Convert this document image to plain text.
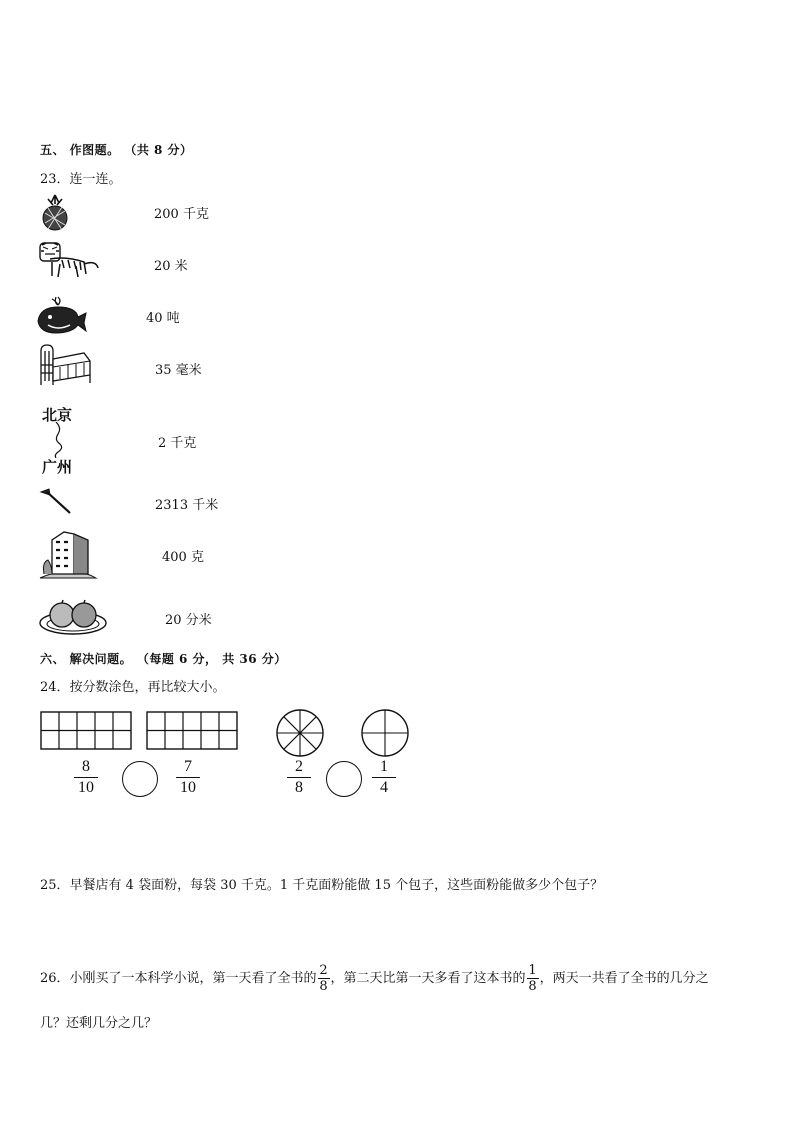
五、 作图题。 （共 8 分）
23．连一连。
北京
广州
200 千克
20 米
40 吨
35 毫米
2 千克
2313 千米
400 克
20 分米
六、 解决问题。 （每题 6 分， 共 36 分）
24．按分数涂色，再比较大小。
8
10
7
10
2
8
1
4
25．早餐店有 4 袋面粉，每袋 30 千克。1 千克面粉能做 15 个包子，这些面粉能做多少个包子？
26．小刚买了一本科学小说，第一天看了全书的$\frac{2}{8}$，第二天比第一天多看了这本书的$\frac{1}{8}$，两天一共看了全书的几分之
几？还剩几分之几？
